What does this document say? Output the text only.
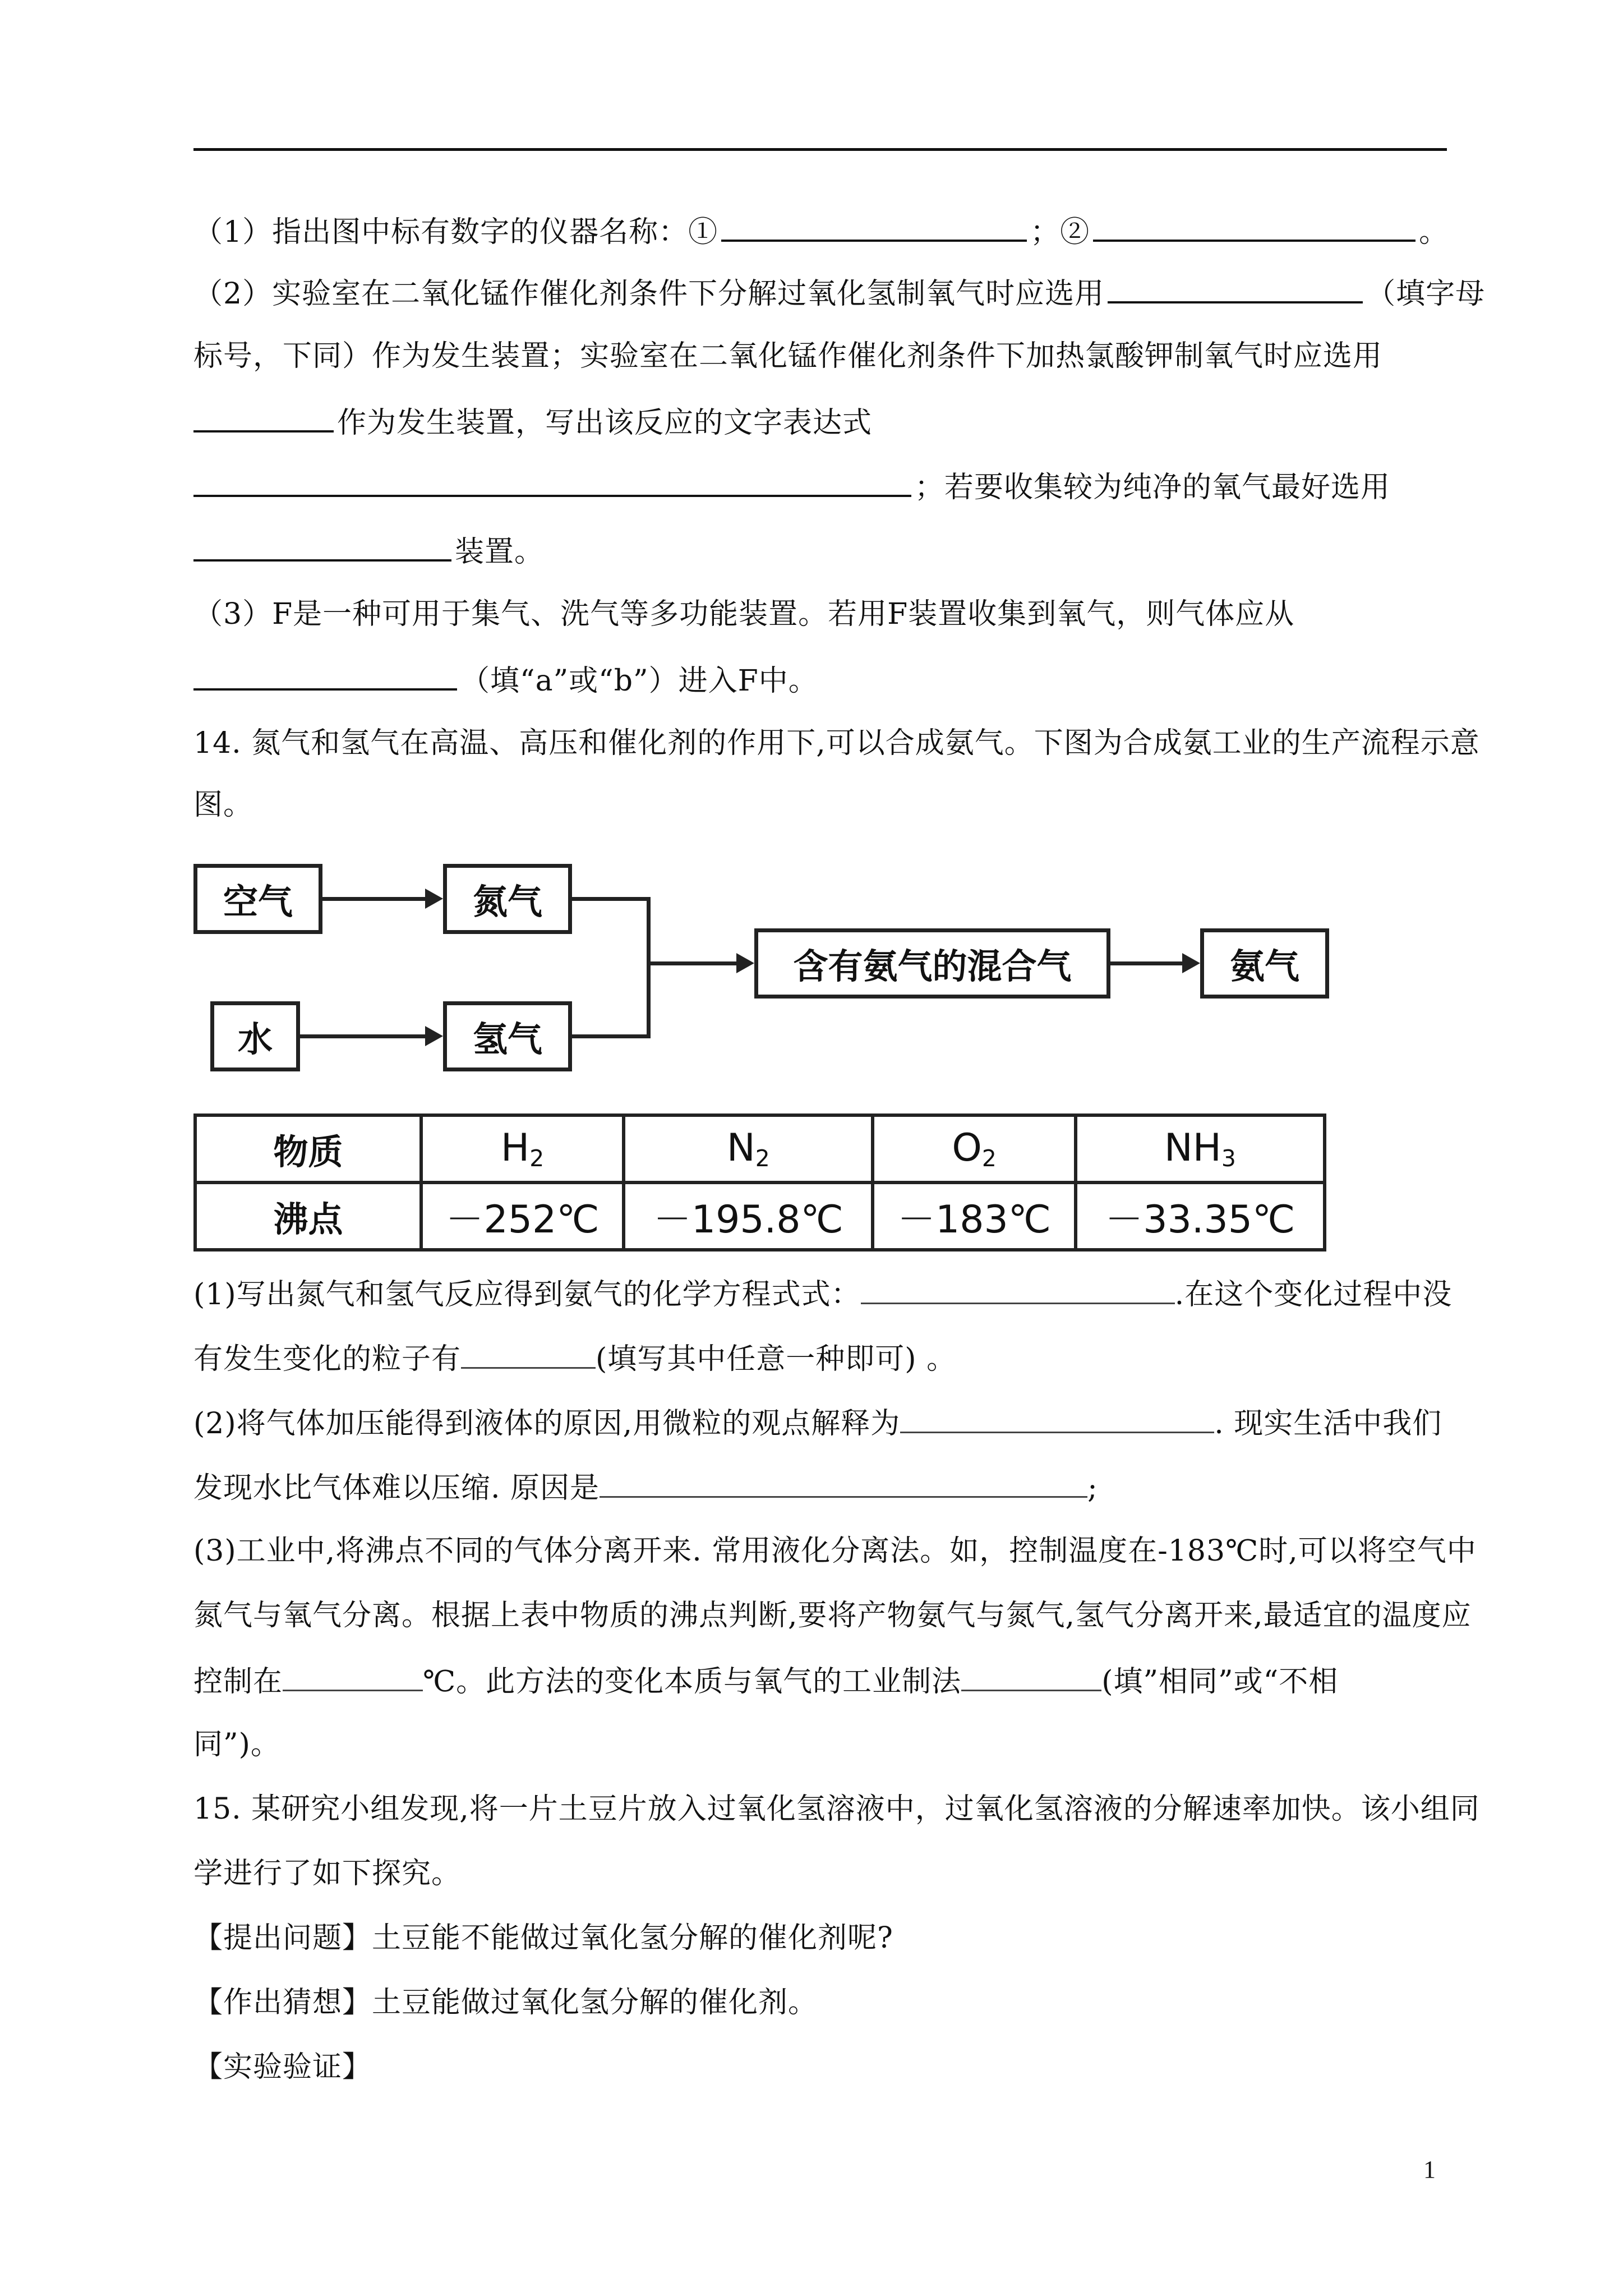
（1）指出图中标有数字的仪器名称：①	；②	。
（2）实验室在二氧化锰作催化剂条件下分解过氧化氢制氧气时应选用	（填字母
标号，下同）作为发生装置；实验室在二氧化锰作催化剂条件下加热氯酸钾制氧气时应选用
作为发生装置，写出该反应的文字表达式
；若要收集较为纯净的氧气最好选用
装置。
（3）F是一种可用于集气、洗气等多功能装置。若用F装置收集到氧气，则气体应从
（填“a”或“b”）进入F中。
14. 氮气和氢气在高温、高压和催化剂的作用下,可以合成氨气。下图为合成氨工业的生产流程示意
图。
空气	氮气
水	氢气
含有氨气的混合气	氨气
物质	$H_2$	$N_2$	$O_2$	$NH_3$
沸点	－252℃	－195.8℃	－183℃	－33.35℃
(1)写出氮气和氢气反应得到氨气的化学方程式式：	.在这个变化过程中没
有发生变化的粒子有	(填写其中任意一种即可) 。
(2)将气体加压能得到液体的原因,用微粒的观点解释为	. 现实生活中我们
发现水比气体难以压缩. 原因是	;
(3)工业中,将沸点不同的气体分离开来. 常用液化分离法。如，控制温度在-183℃时,可以将空气中
氮气与氧气分离。根据上表中物质的沸点判断,要将产物氨气与氮气,氢气分离开来,最适宜的温度应
控制在	℃。此方法的变化本质与氧气的工业制法	(填”相同”或“不相
同”)。
15. 某研究小组发现,将一片土豆片放入过氧化氢溶液中，过氧化氢溶液的分解速率加快。该小组同
学进行了如下探究。
【提出问题】土豆能不能做过氧化氢分解的催化剂呢?
【作出猜想】土豆能做过氧化氢分解的催化剂。
【实验验证】
1
